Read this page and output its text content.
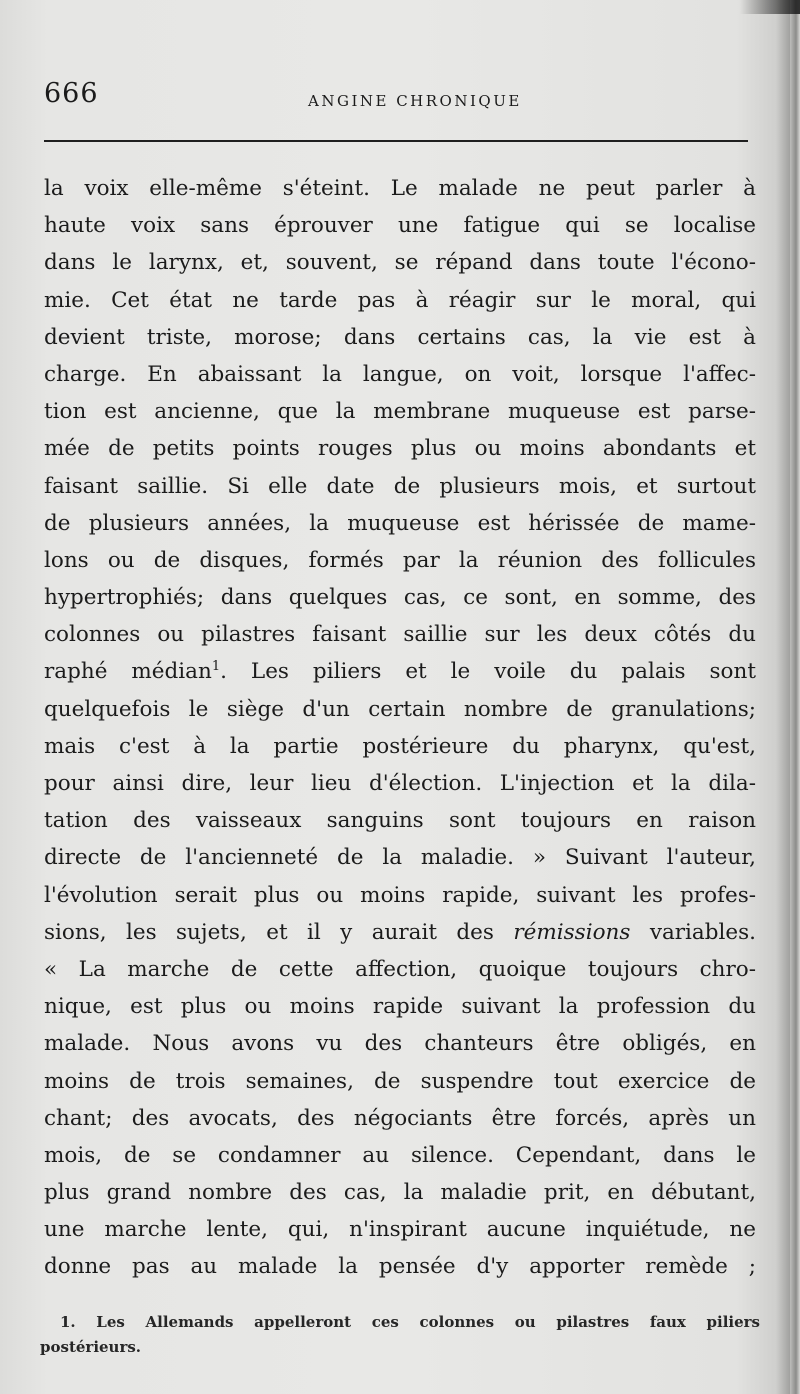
666	ANGINE CHRONIQUE
la voix elle-même s'éteint. Le malade ne peut parler à
haute voix sans éprouver une fatigue qui se localise
dans le larynx, et, souvent, se répand dans toute l'écono-
mie. Cet état ne tarde pas à réagir sur le moral, qui
devient triste, morose; dans certains cas, la vie est à
charge. En abaissant la langue, on voit, lorsque l'affec-
tion est ancienne, que la membrane muqueuse est parse-
mée de petits points rouges plus ou moins abondants et
faisant saillie. Si elle date de plusieurs mois, et surtout
de plusieurs années, la muqueuse est hérissée de mame-
lons ou de disques, formés par la réunion des follicules
hypertrophiés; dans quelques cas, ce sont, en somme, des
colonnes ou pilastres faisant saillie sur les deux côtés du
raphé médian$^1$. Les piliers et le voile du palais sont
quelquefois le siège d'un certain nombre de granulations;
mais c'est à la partie postérieure du pharynx, qu'est,
pour ainsi dire, leur lieu d'élection. L'injection et la dila-
tation des vaisseaux sanguins sont toujours en raison
directe de l'ancienneté de la maladie. » Suivant l'auteur,
l'évolution serait plus ou moins rapide, suivant les profes-
sions, les sujets, et il y aurait des rémissions variables.
« La marche de cette affection, quoique toujours chro-
nique, est plus ou moins rapide suivant la profession du
malade. Nous avons vu des chanteurs être obligés, en
moins de trois semaines, de suspendre tout exercice de
chant; des avocats, des négociants être forcés, après un
mois, de se condamner au silence. Cependant, dans le
plus grand nombre des cas, la maladie prit, en débutant,
une marche lente, qui, n'inspirant aucune inquiétude, ne
donne pas au malade la pensée d'y apporter remède ;
1. Les Allemands appelleront ces colonnes ou pilastres faux piliers
postérieurs.
